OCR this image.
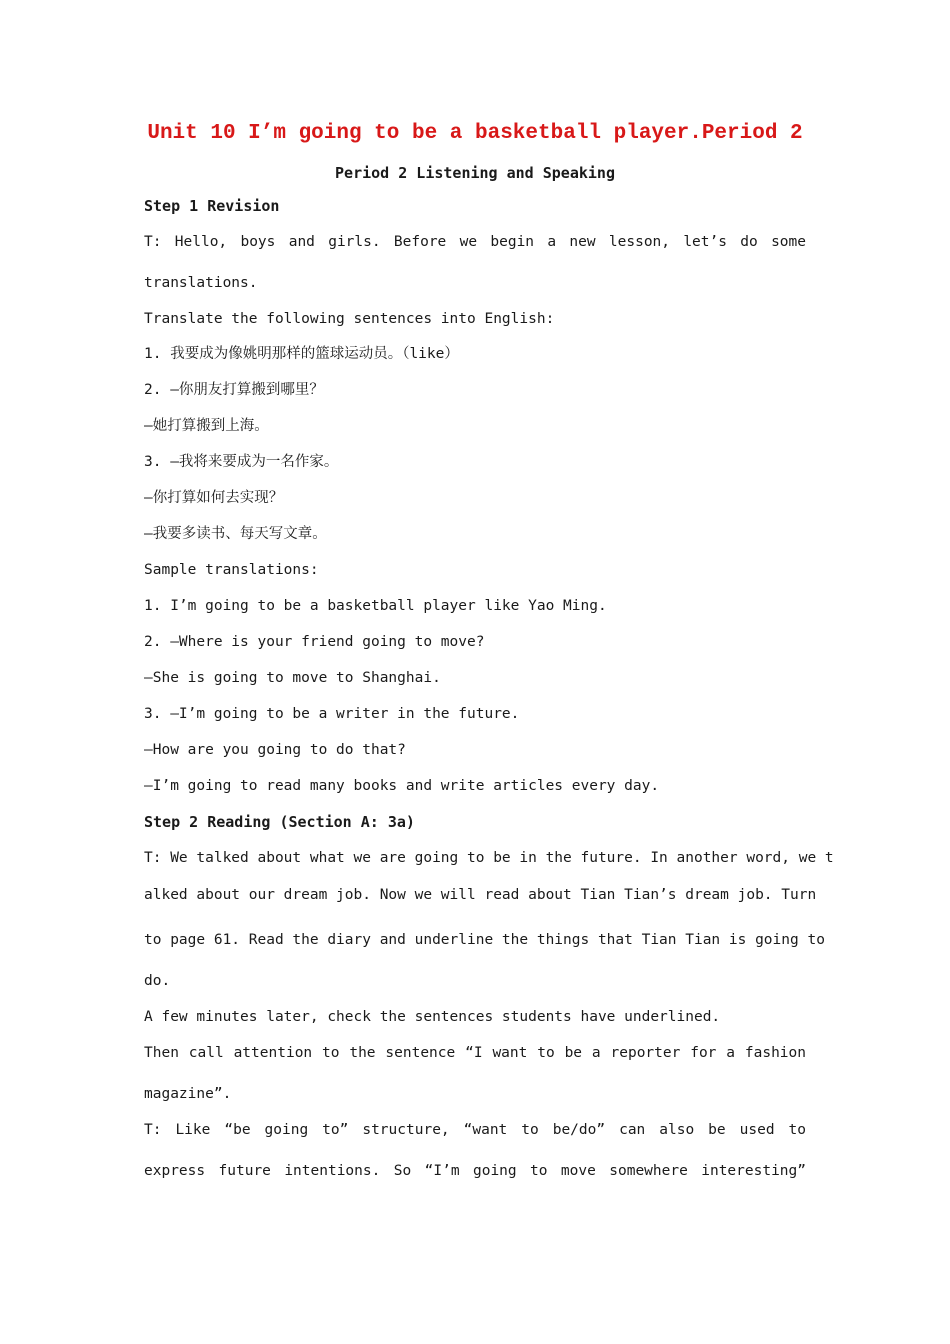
Unit 10 I’m going to be a basketball player.Period 2
Period 2 Listening and Speaking
Step 1 Revision
T: Hello, boys and girls. Before we begin a new lesson, let’s do some
translations.
Translate the following sentences into English:
1. 我要成为像姚明那样的篮球运动员。（like）
2. —你朋友打算搬到哪里？
—她打算搬到上海。
3. —我将来要成为一名作家。
—你打算如何去实现？
—我要多读书、每天写文章。
Sample translations:
1. I’m going to be a basketball player like Yao Ming.
2. —Where is your friend going to move?
—She is going to move to Shanghai.
3. —I’m going to be a writer in the future.
—How are you going to do that?
—I’m going to read many books and write articles every day.
Step 2 Reading (Section A: 3a)
T: We talked about what we are going to be in the future. In another word, we t
alked about our dream job. Now we will read about Tian Tian’s dream job. Turn
to page 61. Read the diary and underline the things that Tian Tian is going to
do.
A few minutes later, check the sentences students have underlined.
Then call attention to the sentence “I want to be a reporter for a fashion
magazine”.
T: Like “be going to” structure, “want to be/do” can also be used to
express future intentions. So “I’m going to move somewhere interesting”
